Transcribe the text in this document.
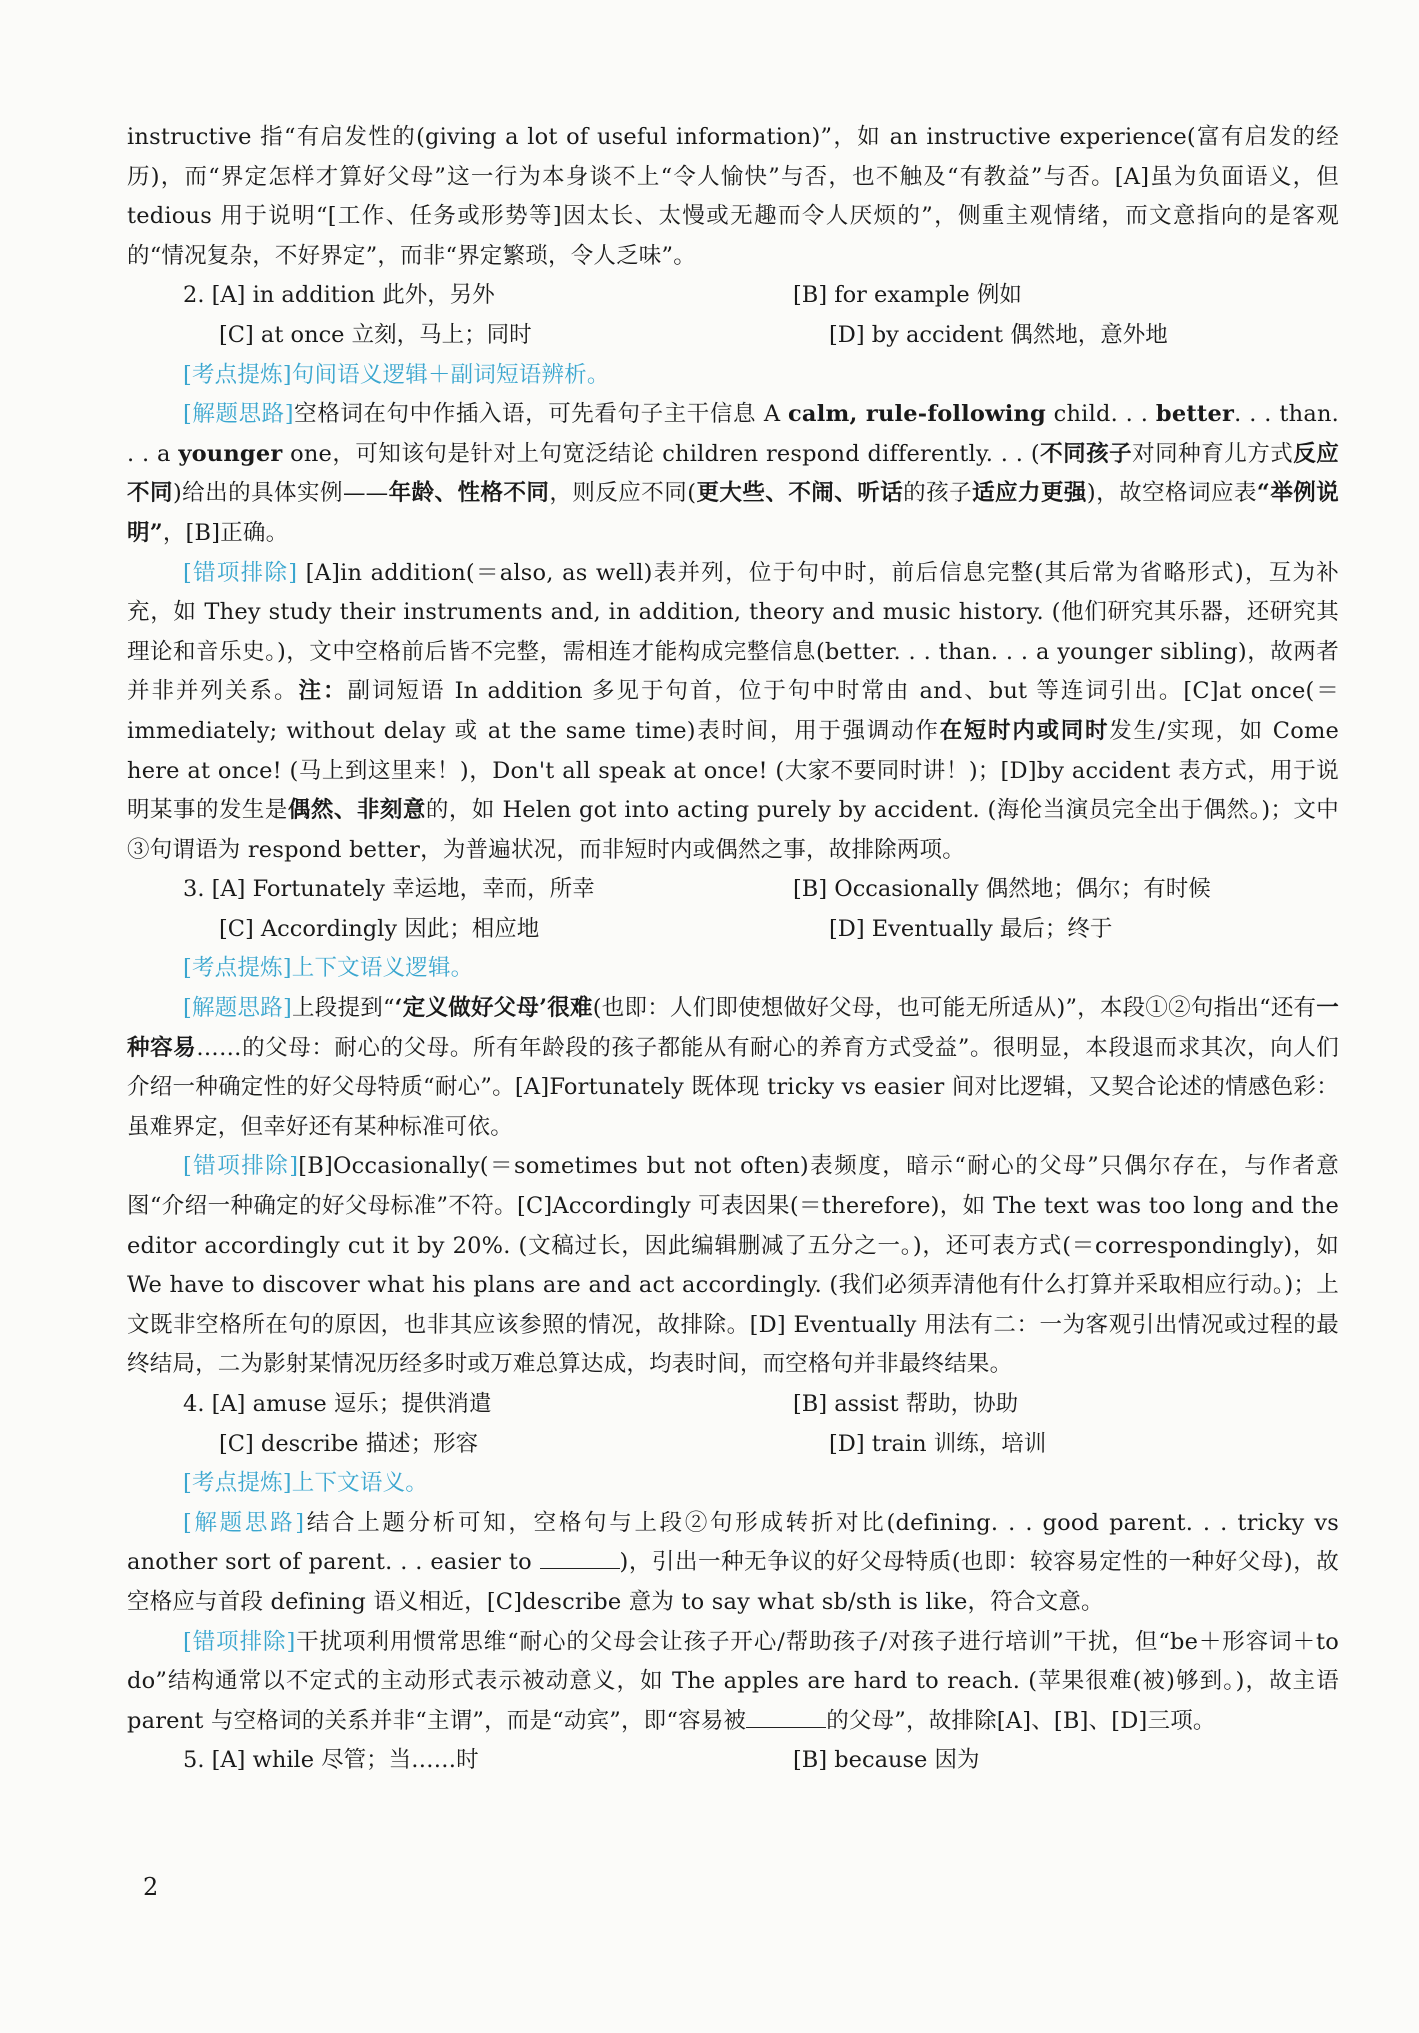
instructive 指“有启发性的(giving a lot of useful information)”，如 an instructive experience(富有启发的经历)，而“界定怎样才算好父母”这一行为本身谈不上“令人愉快”与否，也不触及“有教益”与否。[A]虽为负面语义，但 tedious 用于说明“[工作、任务或形势等]因太长、太慢或无趣而令人厌烦的”，侧重主观情绪，而文意指向的是客观的“情况复杂，不好界定”，而非“界定繁琐，令人乏味”。

2. [A] in addition 此外，另外	[B] for example 例如
[C] at once 立刻，马上；同时	[D] by accident 偶然地，意外地

[考点提炼]句间语义逻辑＋副词短语辨析。

[解题思路]空格词在句中作插入语，可先看句子主干信息 A calm, rule-following child. . . better. . . than. . . a younger one，可知该句是针对上句宽泛结论 children respond differently. . . (不同孩子对同种育儿方式反应不同)给出的具体实例——年龄、性格不同，则反应不同(更大些、不闹、听话的孩子适应力更强)，故空格词应表“举例说明”，[B]正确。

[错项排除] [A]in addition(＝also, as well)表并列，位于句中时，前后信息完整(其后常为省略形式)，互为补充，如 They study their instruments and, in addition, theory and music history. (他们研究其乐器，还研究其理论和音乐史。)，文中空格前后皆不完整，需相连才能构成完整信息(better. . . than. . . a younger sibling)，故两者并非并列关系。注：副词短语 In addition 多见于句首，位于句中时常由 and、but 等连词引出。[C]at once(＝immediately; without delay 或 at the same time)表时间，用于强调动作在短时内或同时发生/实现，如 Come here at once! (马上到这里来！)，Don't all speak at once! (大家不要同时讲！)；[D]by accident 表方式，用于说明某事的发生是偶然、非刻意的，如 Helen got into acting purely by accident. (海伦当演员完全出于偶然。)；文中③句谓语为 respond better，为普遍状况，而非短时内或偶然之事，故排除两项。

3. [A] Fortunately 幸运地，幸而，所幸	[B] Occasionally 偶然地；偶尔；有时候
[C] Accordingly 因此；相应地	[D] Eventually 最后；终于

[考点提炼]上下文语义逻辑。

[解题思路]上段提到“‘定义做好父母’很难(也即：人们即使想做好父母，也可能无所适从)”，本段①②句指出“还有一种容易……的父母：耐心的父母。所有年龄段的孩子都能从有耐心的养育方式受益”。很明显，本段退而求其次，向人们介绍一种确定性的好父母特质“耐心”。[A]Fortunately 既体现 tricky vs easier 间对比逻辑，又契合论述的情感色彩：虽难界定，但幸好还有某种标准可依。

[错项排除][B]Occasionally(＝sometimes but not often)表频度，暗示“耐心的父母”只偶尔存在，与作者意图“介绍一种确定的好父母标准”不符。[C]Accordingly 可表因果(＝therefore)，如 The text was too long and the editor accordingly cut it by 20%. (文稿过长，因此编辑删减了五分之一。)，还可表方式(＝correspondingly)，如 We have to discover what his plans are and act accordingly. (我们必须弄清他有什么打算并采取相应行动。)；上文既非空格所在句的原因，也非其应该参照的情况，故排除。[D] Eventually 用法有二：一为客观引出情况或过程的最终结局，二为影射某情况历经多时或万难总算达成，均表时间，而空格句并非最终结果。

4. [A] amuse 逗乐；提供消遣	[B] assist 帮助，协助
[C] describe 描述；形容	[D] train 训练，培训

[考点提炼]上下文语义。

[解题思路]结合上题分析可知，空格句与上段②句形成转折对比(defining. . . good parent. . . tricky vs another sort of parent. . . easier to	)，引出一种无争议的好父母特质(也即：较容易定性的一种好父母)，故空格应与首段 defining 语义相近，[C]describe 意为 to say what sb/sth is like，符合文意。

[错项排除]干扰项利用惯常思维“耐心的父母会让孩子开心/帮助孩子/对孩子进行培训”干扰，但“be＋形容词＋to do”结构通常以不定式的主动形式表示被动意义，如 The apples are hard to reach. (苹果很难(被)够到。)，故主语 parent 与空格词的关系并非“主谓”，而是“动宾”，即“容易被	的父母”，故排除[A]、[B]、[D]三项。

5. [A] while 尽管；当……时	[B] because 因为
2
